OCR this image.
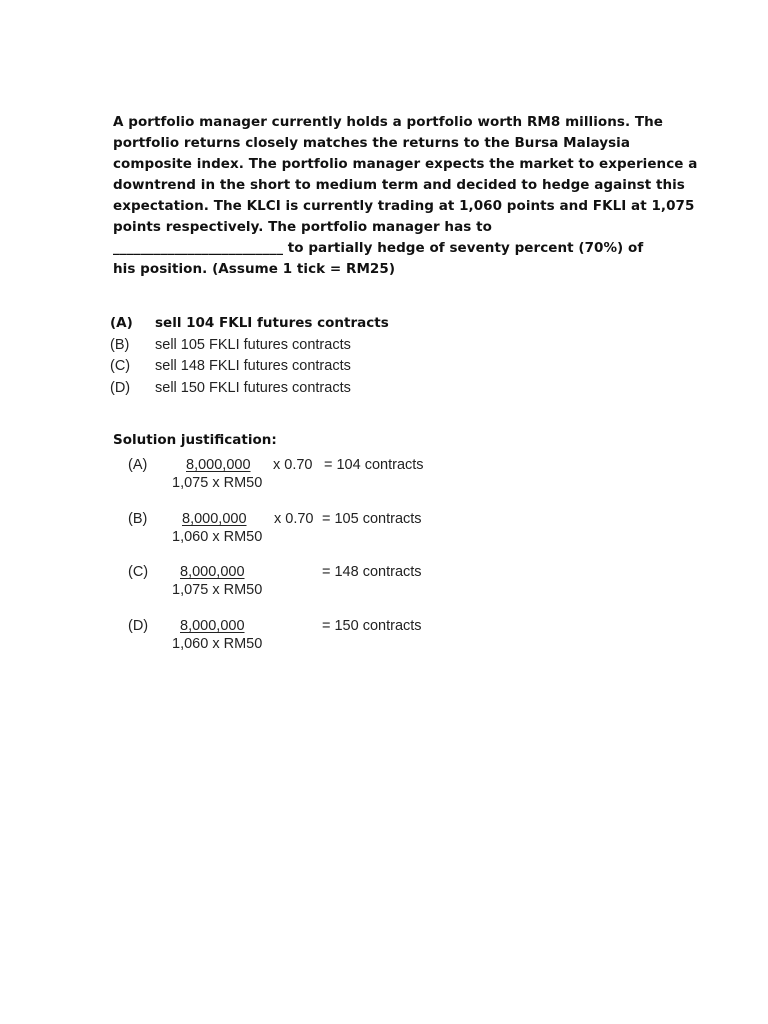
A portfolio manager currently holds a portfolio worth RM8 millions. The

portfolio returns closely matches the returns to the Bursa Malaysia

composite index. The portfolio manager expects the market to experience a

downtrend in the short to medium term and decided to hedge against this

expectation. The KLCI is currently trading at 1,060 points and FKLI at 1,075

points respectively. The portfolio manager has to

_________________________ to partially hedge of seventy percent (70%) of

his position. (Assume 1 tick = RM25)

(A) sell 104 FKLI futures contracts
(B) sell 105 FKLI futures contracts
(C) sell 148 FKLI futures contracts
(D) sell 150 FKLI futures contracts
Solution justification:
(A)	8,000,000
1,075 x RM50
x 0.70 = 104 contracts
(B) 8,000,000
1,060 x RM50
x 0.70 = 105 contracts
(C) 8,000,000
1,075 x RM50
= 148 contracts
(D) 8,000,000
1,060 x RM50
= 150 contracts
